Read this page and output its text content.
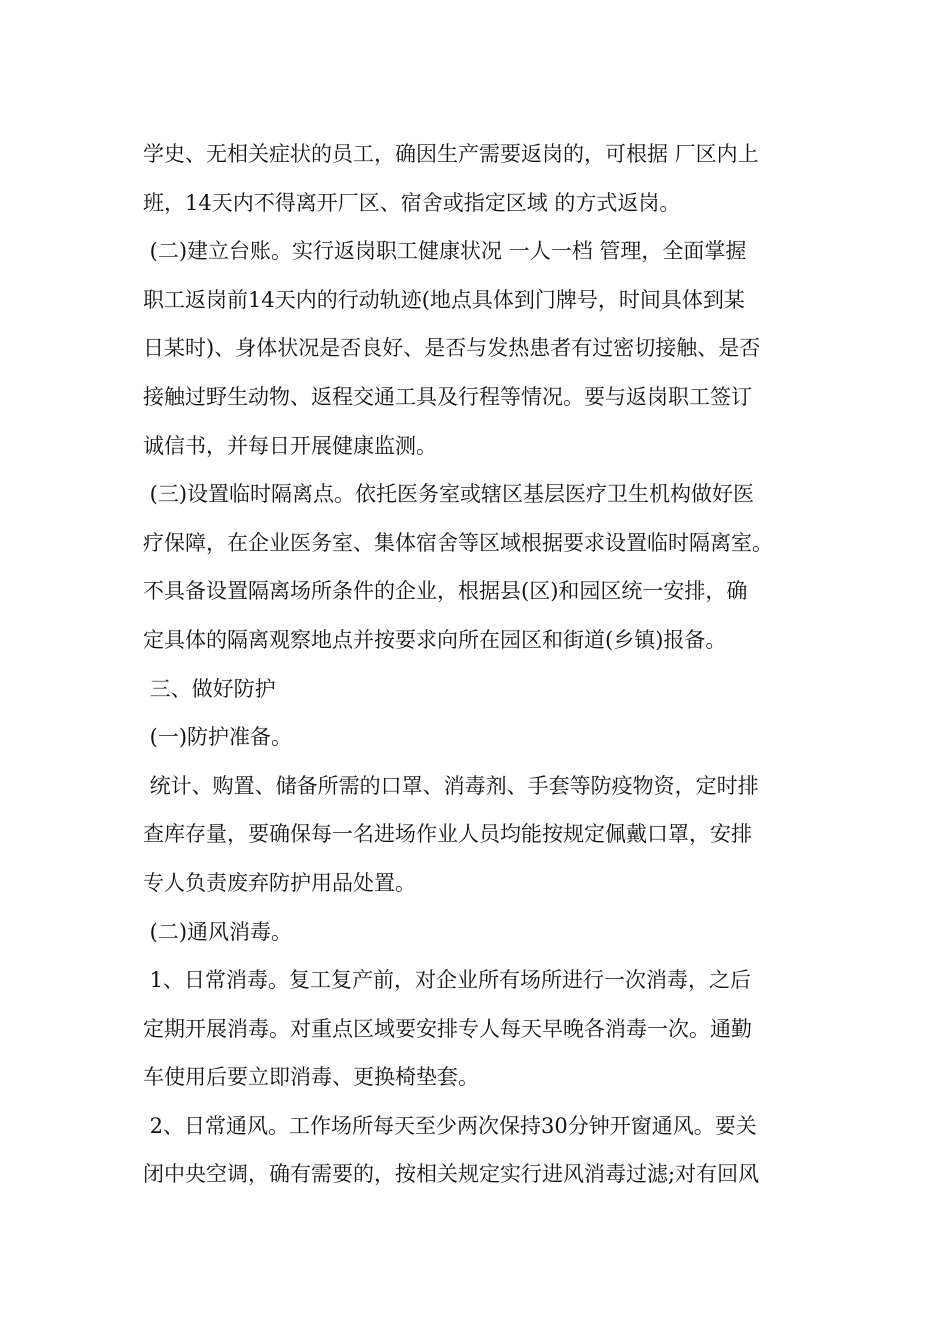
学史、无相关症状的员工，确因生产需要返岗的，可根据 厂区内上
班，14天内不得离开厂区、宿舍或指定区域 的方式返岗。
(二)建立台账。实行返岗职工健康状况 一人一档 管理，全面掌握
职工返岗前14天内的行动轨迹(地点具体到门牌号，时间具体到某
日某时)、身体状况是否良好、是否与发热患者有过密切接触、是否
接触过野生动物、返程交通工具及行程等情况。要与返岗职工签订
诚信书，并每日开展健康监测。
(三)设置临时隔离点。依托医务室或辖区基层医疗卫生机构做好医
疗保障，在企业医务室、集体宿舍等区域根据要求设置临时隔离室。
不具备设置隔离场所条件的企业，根据县(区)和园区统一安排，确
定具体的隔离观察地点并按要求向所在园区和街道(乡镇)报备。
三、做好防护
(一)防护准备。
统计、购置、储备所需的口罩、消毒剂、手套等防疫物资，定时排
查库存量，要确保每一名进场作业人员均能按规定佩戴口罩，安排
专人负责废弃防护用品处置。
(二)通风消毒。
1、日常消毒。复工复产前，对企业所有场所进行一次消毒，之后
定期开展消毒。对重点区域要安排专人每天早晚各消毒一次。通勤
车使用后要立即消毒、更换椅垫套。
2、日常通风。工作场所每天至少两次保持30分钟开窗通风。要关
闭中央空调，确有需要的，按相关规定实行进风消毒过滤;对有回风
